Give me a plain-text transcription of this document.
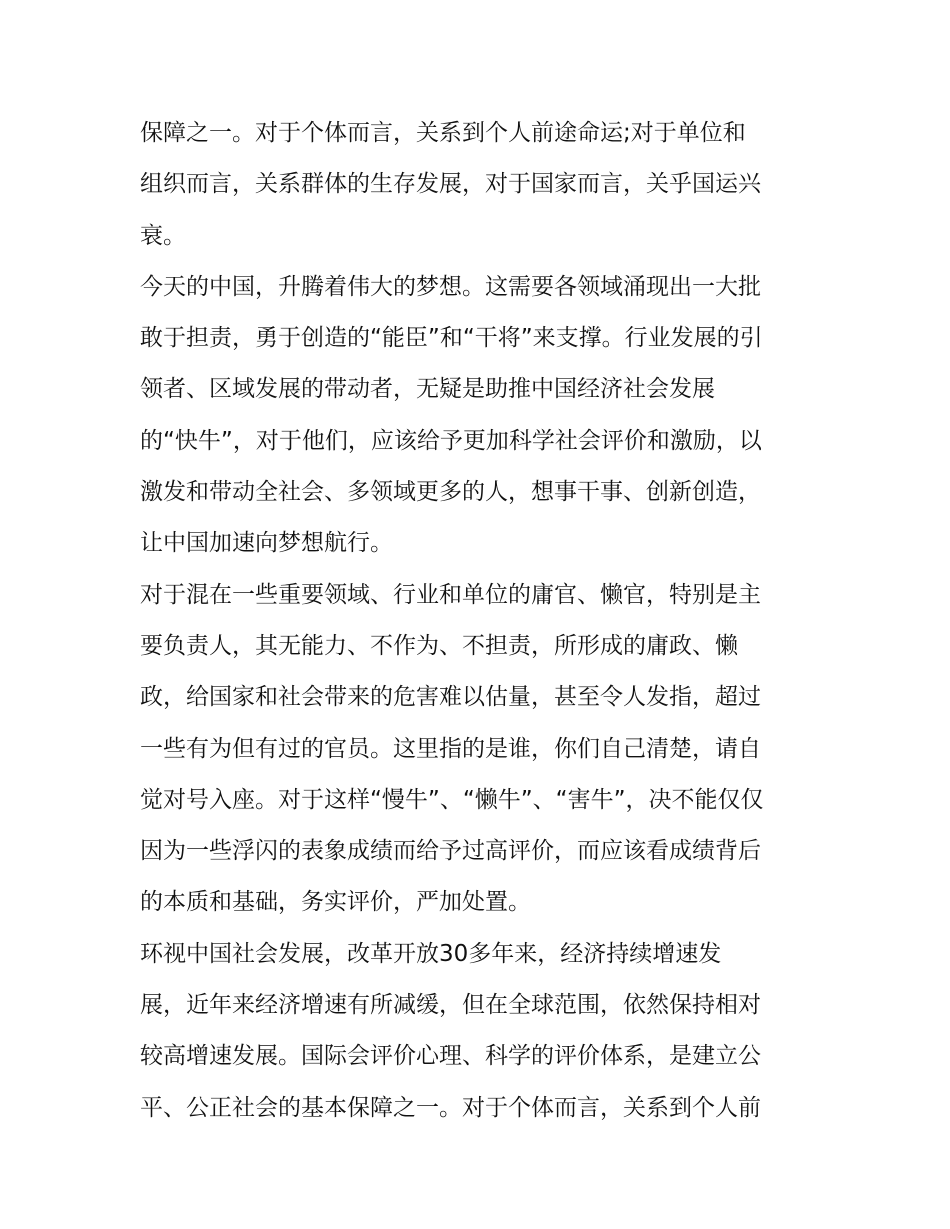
保障之一。对于个体而言，关系到个人前途命运;对于单位和
组织而言，关系群体的生存发展，对于国家而言，关乎国运兴
衰。
今天的中国，升腾着伟大的梦想。这需要各领域涌现出一大批
敢于担责，勇于创造的“能臣”和“干将”来支撑。行业发展的引
领者、区域发展的带动者，无疑是助推中国经济社会发展
的“快牛”，对于他们，应该给予更加科学社会评价和激励，以
激发和带动全社会、多领域更多的人，想事干事、创新创造，
让中国加速向梦想航行。
对于混在一些重要领域、行业和单位的庸官、懒官，特别是主
要负责人，其无能力、不作为、不担责，所形成的庸政、懒
政，给国家和社会带来的危害难以估量，甚至令人发指，超过
一些有为但有过的官员。这里指的是谁，你们自己清楚，请自
觉对号入座。对于这样“慢牛”、“懒牛”、“害牛”，决不能仅仅
因为一些浮闪的表象成绩而给予过高评价，而应该看成绩背后
的本质和基础，务实评价，严加处置。
环视中国社会发展，改革开放30多年来，经济持续增速发
展，近年来经济增速有所减缓，但在全球范围，依然保持相对
较高增速发展。国际会评价心理、科学的评价体系，是建立公
平、公正社会的基本保障之一。对于个体而言，关系到个人前
